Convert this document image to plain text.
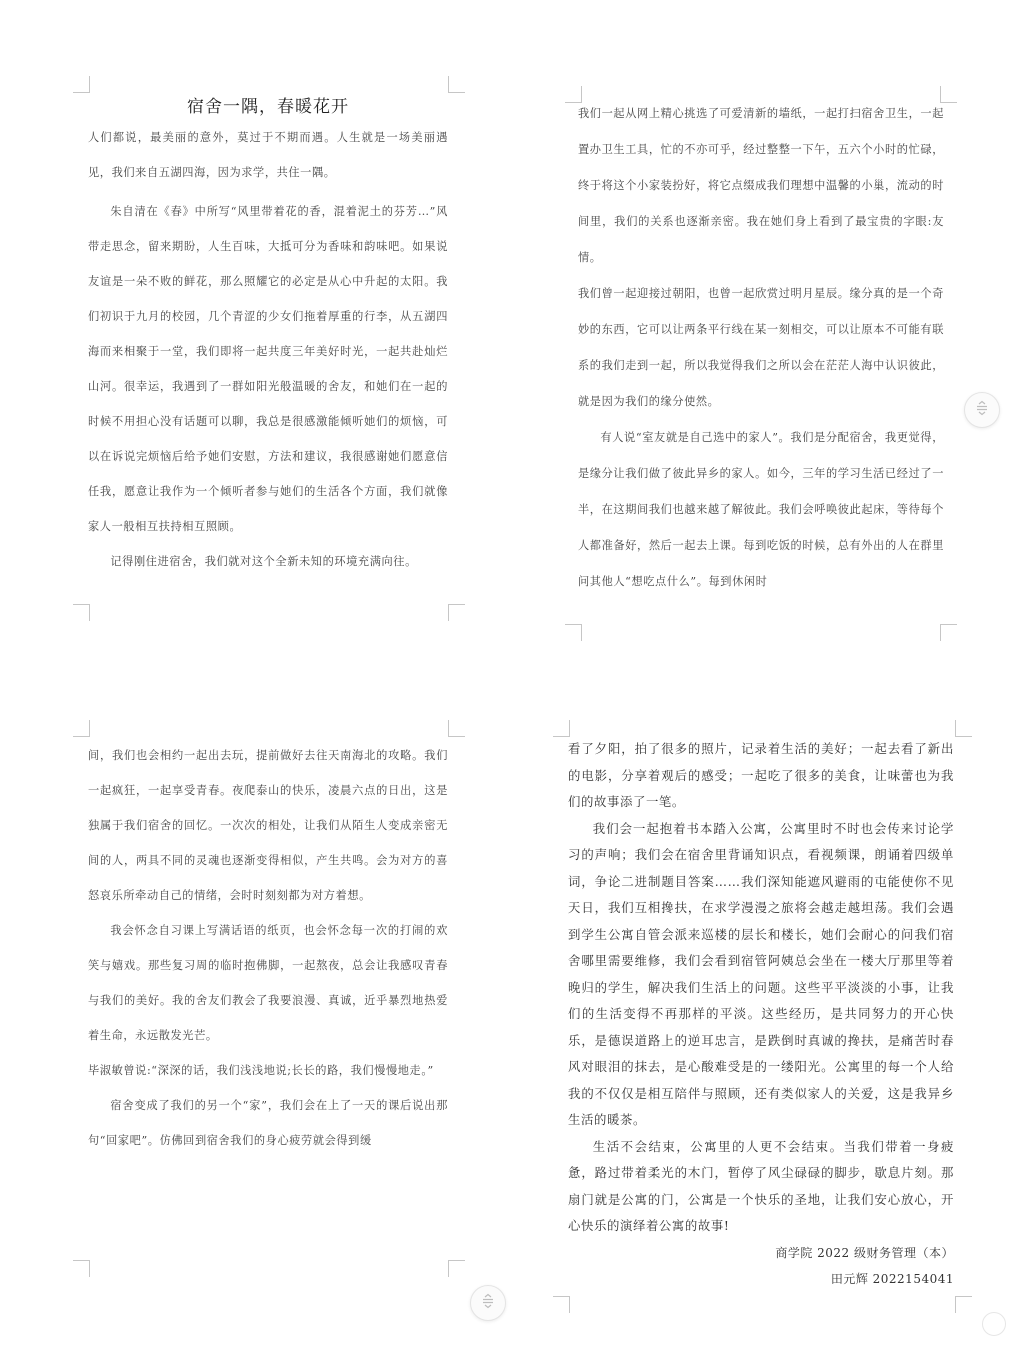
宿舍一隅，春暖花开

人们都说，最美丽的意外，莫过于不期而遇。人生就是一场美丽遇见，我们来自五湖四海，因为求学，共住一隅。

朱自清在《春》中所写“风里带着花的香，混着泥土的芬芳…”风带走思念，留来期盼，人生百味，大抵可分为香味和韵味吧。如果说友谊是一朵不败的鲜花，那么照耀它的必定是从心中升起的太阳。我们初识于九月的校园，几个青涩的少女们拖着厚重的行李，从五湖四海而来相聚于一堂，我们即将一起共度三年美好时光，一起共赴灿烂山河。很幸运，我遇到了一群如阳光般温暖的舍友，和她们在一起的时候不用担心没有话题可以聊，我总是很感激能倾听她们的烦恼，可以在诉说完烦恼后给予她们安慰，方法和建议，我很感谢她们愿意信任我，愿意让我作为一个倾听者参与她们的生活各个方面，我们就像家人一般相互扶持相互照顾。

记得刚住进宿舍，我们就对这个全新未知的环境充满向往。

我们一起从网上精心挑选了可爱清新的墙纸，一起打扫宿舍卫生，一起置办卫生工具，忙的不亦可乎，经过整整一下午，五六个小时的忙碌，终于将这个小家装扮好，将它点缀成我们理想中温馨的小巢，流动的时间里，我们的关系也逐渐亲密。我在她们身上看到了最宝贵的字眼:友情。

我们曾一起迎接过朝阳，也曾一起欣赏过明月星辰。缘分真的是一个奇妙的东西，它可以让两条平行线在某一刻相交，可以让原本不可能有联系的我们走到一起，所以我觉得我们之所以会在茫茫人海中认识彼此，就是因为我们的缘分使然。

有人说“室友就是自己选中的家人”。我们是分配宿舍，我更觉得，是缘分让我们做了彼此异乡的家人。如今，三年的学习生活已经过了一半，在这期间我们也越来越了解彼此。我们会呼唤彼此起床，等待每个人都准备好，然后一起去上课。每到吃饭的时候，总有外出的人在群里问其他人“想吃点什么”。每到休闲时

间，我们也会相约一起出去玩，提前做好去往天南海北的攻略。我们一起疯狂，一起享受青春。夜爬泰山的快乐，凌晨六点的日出，这是独属于我们宿舍的回忆。一次次的相处，让我们从陌生人变成亲密无间的人，两具不同的灵魂也逐渐变得相似，产生共鸣。会为对方的喜怒哀乐所牵动自己的情绪，会时时刻刻都为对方着想。

我会怀念自习课上写满话语的纸页，也会怀念每一次的打闹的欢笑与嬉戏。那些复习周的临时抱佛脚，一起熬夜，总会让我感叹青春与我们的美好。我的舍友们教会了我要浪漫、真诚，近乎暴烈地热爱着生命，永远散发光芒。

毕淑敏曾说:“深深的话，我们浅浅地说;长长的路，我们慢慢地走。”

宿舍变成了我们的另一个“家”，我们会在上了一天的课后说出那句“回家吧”。仿佛回到宿舍我们的身心疲劳就会得到缓

看了夕阳，拍了很多的照片，记录着生活的美好；一起去看了新出的电影，分享着观后的感受；一起吃了很多的美食，让味蕾也为我们的故事添了一笔。

我们会一起抱着书本踏入公寓，公寓里时不时也会传来讨论学习的声响；我们会在宿舍里背诵知识点，看视频课，朗诵着四级单词，争论二进制题目答案……我们深知能遮风避雨的屯能使你不见天日，我们互相搀扶，在求学漫漫之旅将会越走越坦荡。我们会遇到学生公寓自管会派来巡楼的层长和楼长，她们会耐心的问我们宿舍哪里需要维修，我们会看到宿管阿姨总会坐在一楼大厅那里等着晚归的学生，解决我们生活上的问题。这些平平淡淡的小事，让我们的生活变得不再那样的平淡。这些经历，是共同努力的开心快乐，是德误道路上的逆耳忠言，是跌倒时真诚的搀扶，是痛苦时春风对眼泪的抹去，是心酸难受是的一缕阳光。公寓里的每一个人给我的不仅仅是相互陪伴与照顾，还有类似家人的关爱，这是我异乡生活的暖茶。

生活不会结束，公寓里的人更不会结束。当我们带着一身疲惫，路过带着柔光的木门，暂停了风尘碌碌的脚步，歇息片刻。那扇门就是公寓的门，公寓是一个快乐的圣地，让我们安心放心，开心快乐的演绎着公寓的故事!

商学院 2022 级财务管理（本）
田元辉 2022154041
